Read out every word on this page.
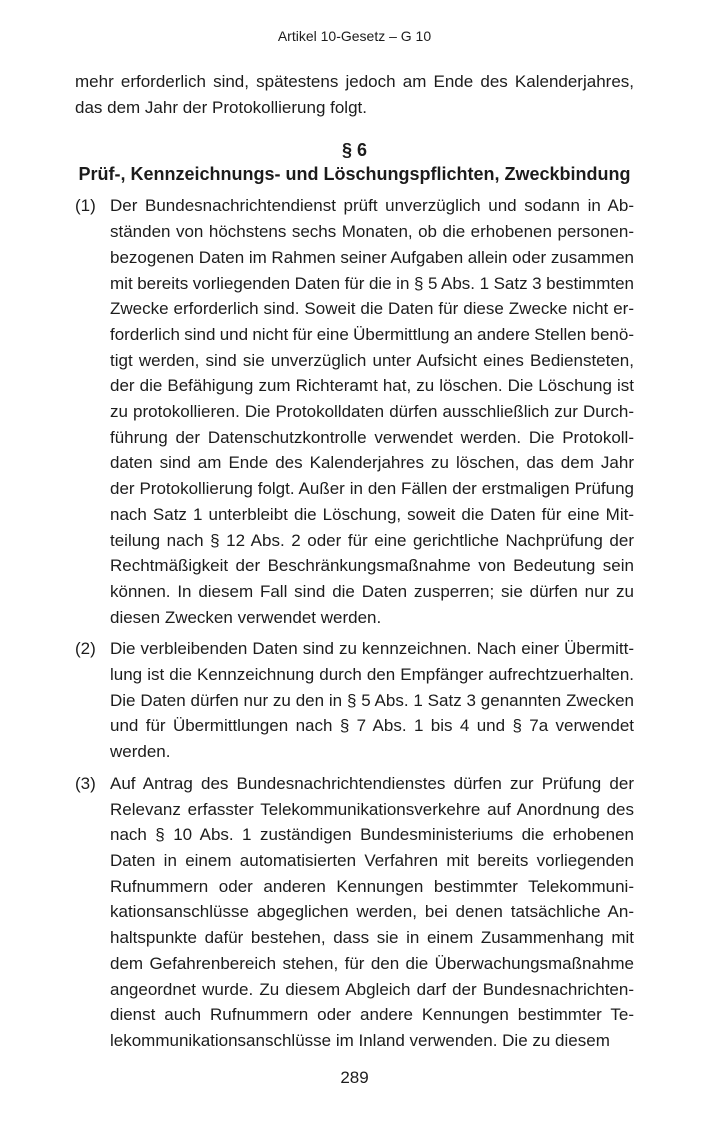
Artikel 10-Gesetz – G 10
mehr erforderlich sind, spätestens jedoch am Ende des Kalenderjahres,
das dem Jahr der Protokollierung folgt.
§ 6
Prüf-, Kennzeichnungs- und Löschungspflichten, Zweckbindung
(1) Der Bundesnachrichtendienst prüft unverzüglich und sodann in Ab-
ständen von höchstens sechs Monaten, ob die erhobenen personen-
bezogenen Daten im Rahmen seiner Aufgaben allein oder zusammen
mit bereits vorliegenden Daten für die in § 5 Abs. 1 Satz 3 bestimmten
Zwecke erforderlich sind. Soweit die Daten für diese Zwecke nicht er-
forderlich sind und nicht für eine Übermittlung an andere Stellen benö-
tigt werden, sind sie unverzüglich unter Aufsicht eines Bediensteten,
der die Befähigung zum Richteramt hat, zu löschen. Die Löschung ist
zu protokollieren. Die Protokolldaten dürfen ausschließlich zur Durch-
führung der Datenschutzkontrolle verwendet werden. Die Protokoll-
daten sind am Ende des Kalenderjahres zu löschen, das dem Jahr
der Protokollierung folgt. Außer in den Fällen der erstmaligen Prüfung
nach Satz 1 unterbleibt die Löschung, soweit die Daten für eine Mit-
teilung nach § 12 Abs. 2 oder für eine gerichtliche Nachprüfung der
Rechtmäßigkeit der Beschränkungsmaßnahme von Bedeutung sein
können. In diesem Fall sind die Daten zusperren; sie dürfen nur zu
diesen Zwecken verwendet werden.
(2) Die verbleibenden Daten sind zu kennzeichnen. Nach einer Übermitt-
lung ist die Kennzeichnung durch den Empfänger aufrechtzuerhalten.
Die Daten dürfen nur zu den in § 5 Abs. 1 Satz 3 genannten Zwecken
und für Übermittlungen nach § 7 Abs. 1 bis 4 und § 7a verwendet
werden.
(3) Auf Antrag des Bundesnachrichtendienstes dürfen zur Prüfung der
Relevanz erfasster Telekommunikationsverkehre auf Anordnung des
nach § 10 Abs. 1 zuständigen Bundesministeriums die erhobenen
Daten in einem automatisierten Verfahren mit bereits vorliegenden
Rufnummern oder anderen Kennungen bestimmter Telekommuni-
kationsanschlüsse abgeglichen werden, bei denen tatsächliche An-
haltspunkte dafür bestehen, dass sie in einem Zusammenhang mit
dem Gefahrenbereich stehen, für den die Überwachungsmaßnahme
angeordnet wurde. Zu diesem Abgleich darf der Bundesnachrichten-
dienst auch Rufnummern oder andere Kennungen bestimmter Te-
lekommunikationsanschlüsse im Inland verwenden. Die zu diesem
289
